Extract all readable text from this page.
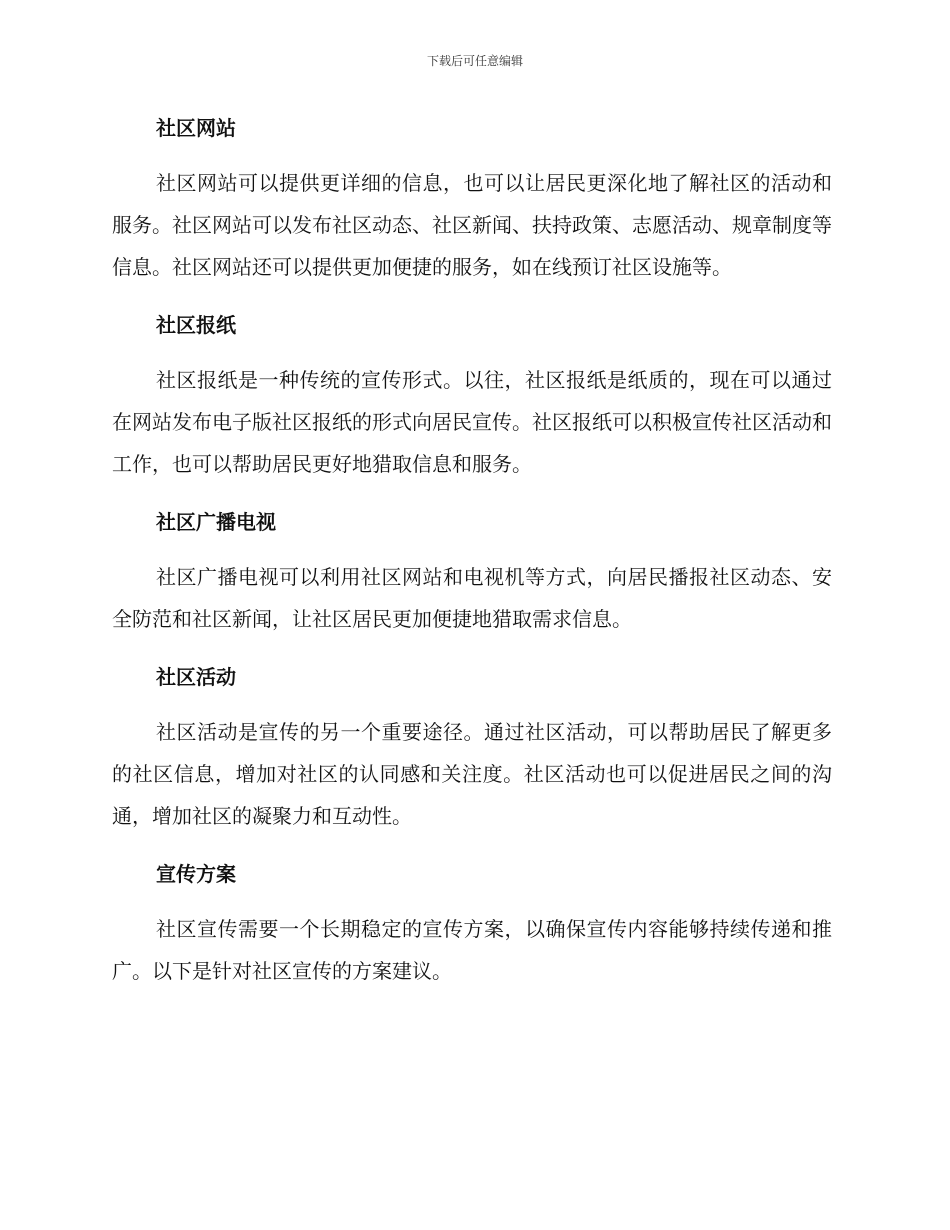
下载后可任意编辑
社区网站

社区网站可以提供更详细的信息，也可以让居民更深化地了解社区的活动和服务。社区网站可以发布社区动态、社区新闻、扶持政策、志愿活动、规章制度等信息。社区网站还可以提供更加便捷的服务，如在线预订社区设施等。

社区报纸

社区报纸是一种传统的宣传形式。以往，社区报纸是纸质的，现在可以通过在网站发布电子版社区报纸的形式向居民宣传。社区报纸可以积极宣传社区活动和工作，也可以帮助居民更好地猎取信息和服务。

社区广播电视

社区广播电视可以利用社区网站和电视机等方式，向居民播报社区动态、安全防范和社区新闻，让社区居民更加便捷地猎取需求信息。

社区活动

社区活动是宣传的另一个重要途径。通过社区活动，可以帮助居民了解更多的社区信息，增加对社区的认同感和关注度。社区活动也可以促进居民之间的沟通，增加社区的凝聚力和互动性。

宣传方案

社区宣传需要一个长期稳定的宣传方案，以确保宣传内容能够持续传递和推广。以下是针对社区宣传的方案建议。
